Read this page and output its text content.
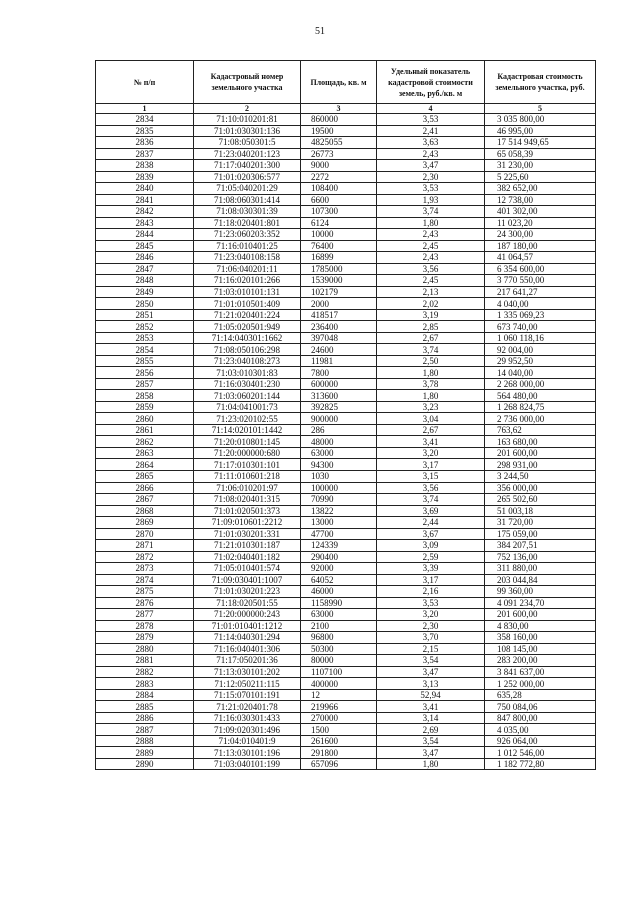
51
№ п/п	Кадастровый номер земельного участка	Площадь, кв. м	Удельный показатель кадастровой стоимости земель, руб./кв. м	Кадастровая стоимость земельного участка, руб.
1	2	3	4	5
2834	71:10:010201:81	860000	3,53	3 035 800,00
2835	71:01:030301:136	19500	2,41	46 995,00
2836	71:08:050301:5	4825055	3,63	17 514 949,65
2837	71:23:040201:123	26773	2,43	65 058,39
2838	71:17:040201:300	9000	3,47	31 230,00
2839	71:01:020306:577	2272	2,30	5 225,60
2840	71:05:040201:29	108400	3,53	382 652,00
2841	71:08:060301:414	6600	1,93	12 738,00
2842	71:08:030301:39	107300	3,74	401 302,00
2843	71:18:020401:801	6124	1,80	11 023,20
2844	71:23:060203:352	10000	2,43	24 300,00
2845	71:16:010401:25	76400	2,45	187 180,00
2846	71:23:040108:158	16899	2,43	41 064,57
2847	71:06:040201:11	1785000	3,56	6 354 600,00
2848	71:16:020101:266	1539000	2,45	3 770 550,00
2849	71:03:010101:131	102179	2,13	217 641,27
2850	71:01:010501:409	2000	2,02	4 040,00
2851	71:21:020401:224	418517	3,19	1 335 069,23
2852	71:05:020501:949	236400	2,85	673 740,00
2853	71:14:040301:1662	397048	2,67	1 060 118,16
2854	71:08:050106:298	24600	3,74	92 004,00
2855	71:23:040108:273	11981	2,50	29 952,50
2856	71:03:010301:83	7800	1,80	14 040,00
2857	71:16:030401:230	600000	3,78	2 268 000,00
2858	71:03:060201:144	313600	1,80	564 480,00
2859	71:04:041001:73	392825	3,23	1 268 824,75
2860	71:23:020102:55	900000	3,04	2 736 000,00
2861	71:14:020101:1442	286	2,67	763,62
2862	71:20:010801:145	48000	3,41	163 680,00
2863	71:20:000000:680	63000	3,20	201 600,00
2864	71:17:010301:101	94300	3,17	298 931,00
2865	71:11:010601:218	1030	3,15	3 244,50
2866	71:06:010201:97	100000	3,56	356 000,00
2867	71:08:020401:315	70990	3,74	265 502,60
2868	71:01:020501:373	13822	3,69	51 003,18
2869	71:09:010601:2212	13000	2,44	31 720,00
2870	71:01:030201:331	47700	3,67	175 059,00
2871	71:21:010301:187	124339	3,09	384 207,51
2872	71:02:040401:182	290400	2,59	752 136,00
2873	71:05:010401:574	92000	3,39	311 880,00
2874	71:09:030401:1007	64052	3,17	203 044,84
2875	71:01:030201:223	46000	2,16	99 360,00
2876	71:18:020501:55	1158990	3,53	4 091 234,70
2877	71:20:000000:243	63000	3,20	201 600,00
2878	71:01:010401:1212	2100	2,30	4 830,00
2879	71:14:040301:294	96800	3,70	358 160,00
2880	71:16:040401:306	50300	2,15	108 145,00
2881	71:17:050201:36	80000	3,54	283 200,00
2882	71:13:030101:202	1107100	3,47	3 841 637,00
2883	71:12:050211:115	400000	3,13	1 252 000,00
2884	71:15:070101:191	12	52,94	635,28
2885	71:21:020401:78	219966	3,41	750 084,06
2886	71:16:030301:433	270000	3,14	847 800,00
2887	71:09:020301:496	1500	2,69	4 035,00
2888	71:04:010401:9	261600	3,54	926 064,00
2889	71:13:030101:196	291800	3,47	1 012 546,00
2890	71:03:040101:199	657096	1,80	1 182 772,80
